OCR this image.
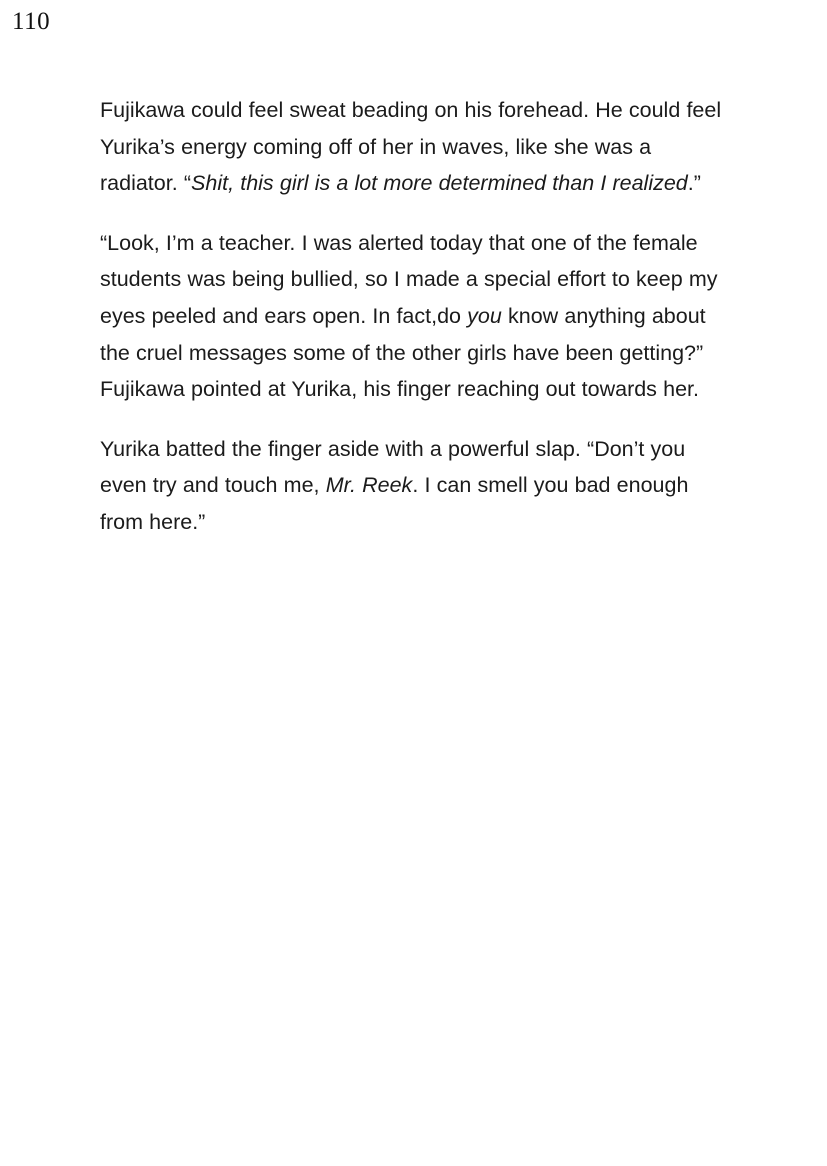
110

Fujikawa could feel sweat beading on his forehead. He could feel Yurika’s energy coming off of her in waves, like she was a radiator. “Shit, this girl is a lot more determined than I realized.”

“Look, I’m a teacher. I was alerted today that one of the female students was being bullied, so I made a special effort to keep my eyes peeled and ears open. In fact,do you know anything about the cruel messages some of the other girls have been getting?” Fujikawa pointed at Yurika, his finger reaching out towards her.

Yurika batted the finger aside with a powerful slap. “Don’t you even try and touch me, Mr. Reek. I can smell you bad enough from here.”
